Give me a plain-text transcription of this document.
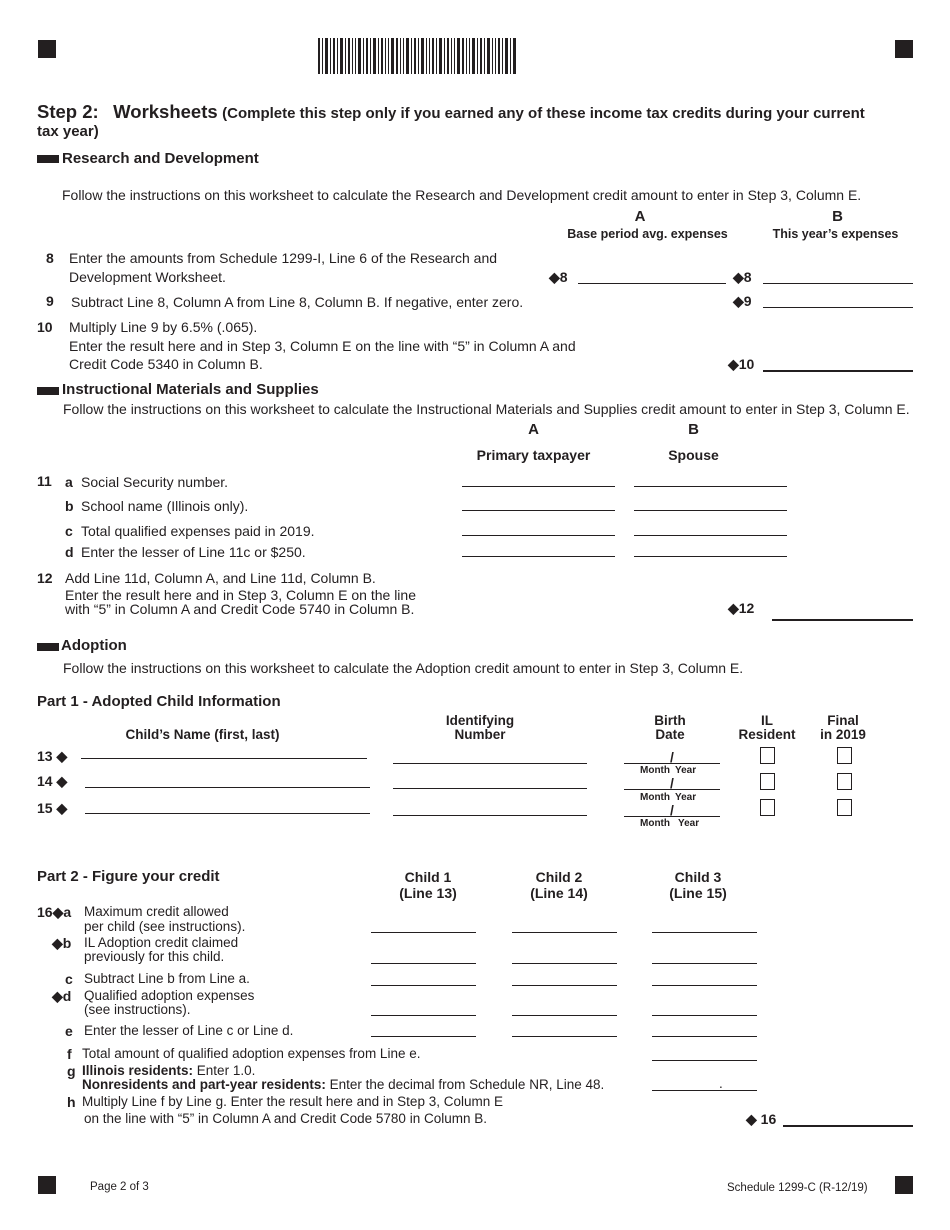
Step 2: Worksheets (Complete this step only if you earned any of these income tax credits during your current
tax year)
Research and Development
Follow the instructions on this worksheet to calculate the Research and Development credit amount to enter in Step 3, Column E.
A
Base period avg. expenses
B
This year’s expenses
8 Enter the amounts from Schedule 1299-I, Line 6 of the Research and
Development Worksheet.	◆8	◆8
9 Subtract Line 8, Column A from Line 8, Column B. If negative, enter zero.	◆9
10 Multiply Line 9 by 6.5% (.065).
Enter the result here and in Step 3, Column E on the line with “5” in Column A and
Credit Code 5340 in Column B.	◆10
Instructional Materials and Supplies
Follow the instructions on this worksheet to calculate the Instructional Materials and Supplies credit amount to enter in Step 3, Column E.
A
Primary taxpayer
B
Spouse
11 a Social Security number.
b School name (Illinois only).
c Total qualified expenses paid in 2019.
d Enter the lesser of Line 11c or $250.
12 Add Line 11d, Column A, and Line 11d, Column B.
Enter the result here and in Step 3, Column E on the line
with “5” in Column A and Credit Code 5740 in Column B.	◆12
Adoption
Follow the instructions on this worksheet to calculate the Adoption credit amount to enter in Step 3, Column E.
Part 1 - Adopted Child Information
Child’s Name (first, last)
Identifying
Number
Birth
Date
IL
Resident
Final
in 2019
13 ◆	/
Month Year
14 ◆	/
Month Year
15 ◆	/
Month Year
Part 2 - Figure your credit	Child 1
(Line 13)
Child 2
(Line 14)
Child 3
(Line 15)
16◆a Maximum credit allowed
per child (see instructions).
◆b IL Adoption credit claimed
previously for this child.
c Subtract Line b from Line a.
◆d Qualified adoption expenses
(see instructions).
e Enter the lesser of Line c or Line d.
f Total amount of qualified adoption expenses from Line e.
g Illinois residents: Enter 1.0.
Nonresidents and part-year residents: Enter the decimal from Schedule NR, Line 48.	.
h Multiply Line f by Line g. Enter the result here and in Step 3, Column E
on the line with “5” in Column A and Credit Code 5780 in Column B.	◆ 16
Page 2 of 3	Schedule 1299-C (R-12/19)
